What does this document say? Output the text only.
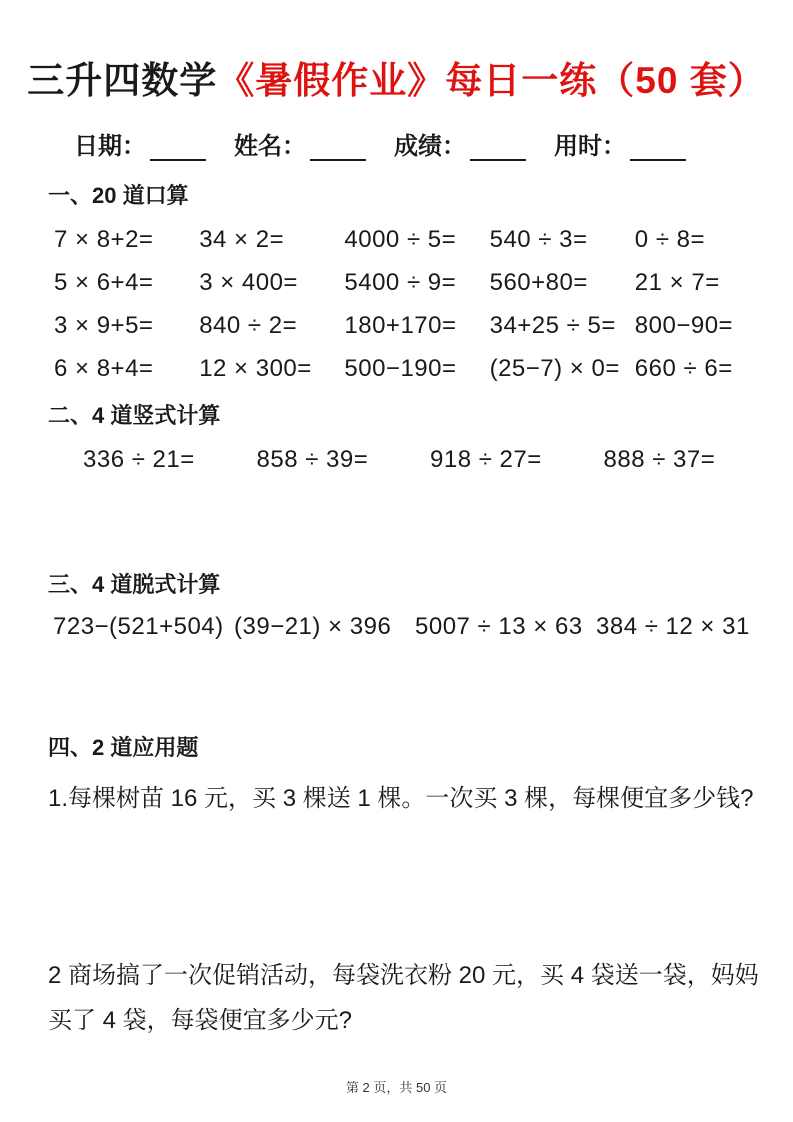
三升四数学《暑假作业》每日一练（50 套）
日期：	姓名：	成绩：	用时：
一、20 道口算
7 × 8+2=	34 × 2=	4000 ÷ 5=	540 ÷ 3=	0 ÷ 8=
5 × 6+4=	3 × 400=	5400 ÷ 9=	560+80=	21 × 7=
3 × 9+5=	840 ÷ 2=	180+170=	34+25 ÷ 5= 800−90=
6 × 8+4=	12 × 300=	500−190=	(25−7) × 0= 660 ÷ 6=
二、4 道竖式计算
336 ÷ 21=	858 ÷ 39=	918 ÷ 27=	888 ÷ 37=
三、4 道脱式计算
723−(521+504) (39−21) × 396 5007 ÷ 13 × 63 384 ÷ 12 × 31
四、2 道应用题
1.每棵树苗 16 元，买 3 棵送 1 棵。一次买 3 棵，每棵便宜多少钱?
2 商场搞了一次促销活动，每袋洗衣粉 20 元，买 4 袋送一袋，妈妈买了 4 袋，每袋便宜多少元?
第 2 页，共 50 页
